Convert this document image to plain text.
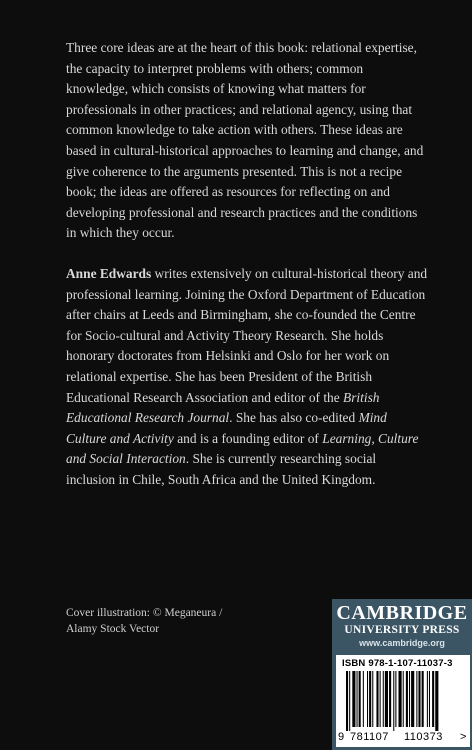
Three core ideas are at the heart of this book: relational expertise, the capacity to interpret problems with others; common knowledge, which consists of knowing what matters for professionals in other practices; and relational agency, using that common knowledge to take action with others. These ideas are based in cultural-historical approaches to learning and change, and give coherence to the arguments presented. This is not a recipe book; the ideas are offered as resources for reflecting on and developing professional and research practices and the conditions in which they occur.

Anne Edwards writes extensively on cultural-historical theory and professional learning. Joining the Oxford Department of Education after chairs at Leeds and Birmingham, she co-founded the Centre for Socio-cultural and Activity Theory Research. She holds honorary doctorates from Helsinki and Oslo for her work on relational expertise. She has been President of the British Educational Research Association and editor of the British Educational Research Journal. She has also co-edited Mind Culture and Activity and is a founding editor of Learning, Culture and Social Interaction. She is currently researching social inclusion in Chile, South Africa and the United Kingdom.

Cover illustration: © Meganeura /
Alamy Stock Vector
CAMBRIDGE
UNIVERSITY PRESS
www.cambridge.org
ISBN 978-1-107-11037-3
9 781107 110373 >
